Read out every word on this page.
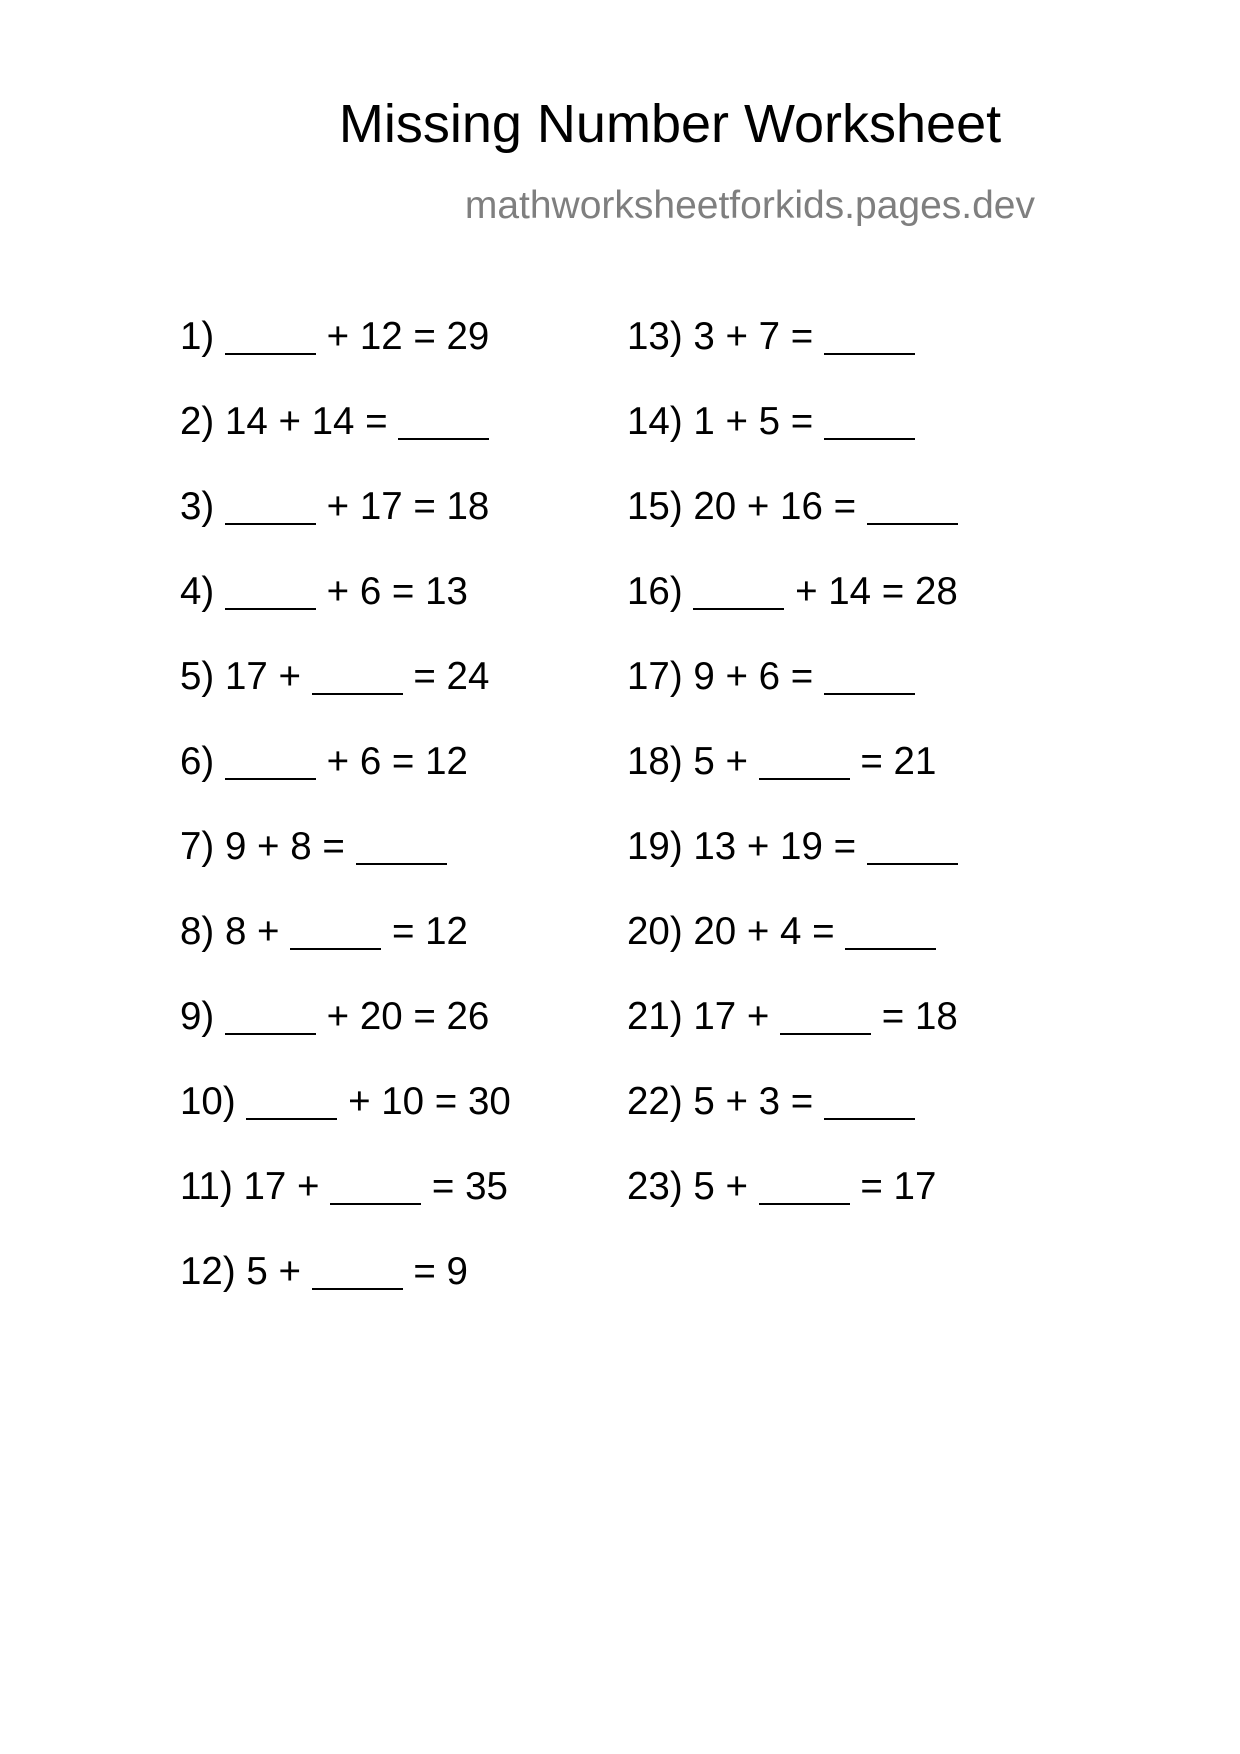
Missing Number Worksheet
mathworksheetforkids.pages.dev
1)	+ 12 = 29
2) 14 + 14 =
3)	+ 17 = 18
4)	+ 6 = 13
5) 17 +	= 24
6)	+ 6 = 12
7) 9 + 8 =
8) 8 +	= 12
9)	+ 20 = 26
10)	+ 10 = 30
11) 17 +	= 35
12) 5 +	= 9
13) 3 + 7 =
14) 1 + 5 =
15) 20 + 16 =
16)	+ 14 = 28
17) 9 + 6 =
18) 5 +	= 21
19) 13 + 19 =
20) 20 + 4 =
21) 17 +	= 18
22) 5 + 3 =
23) 5 +	= 17
